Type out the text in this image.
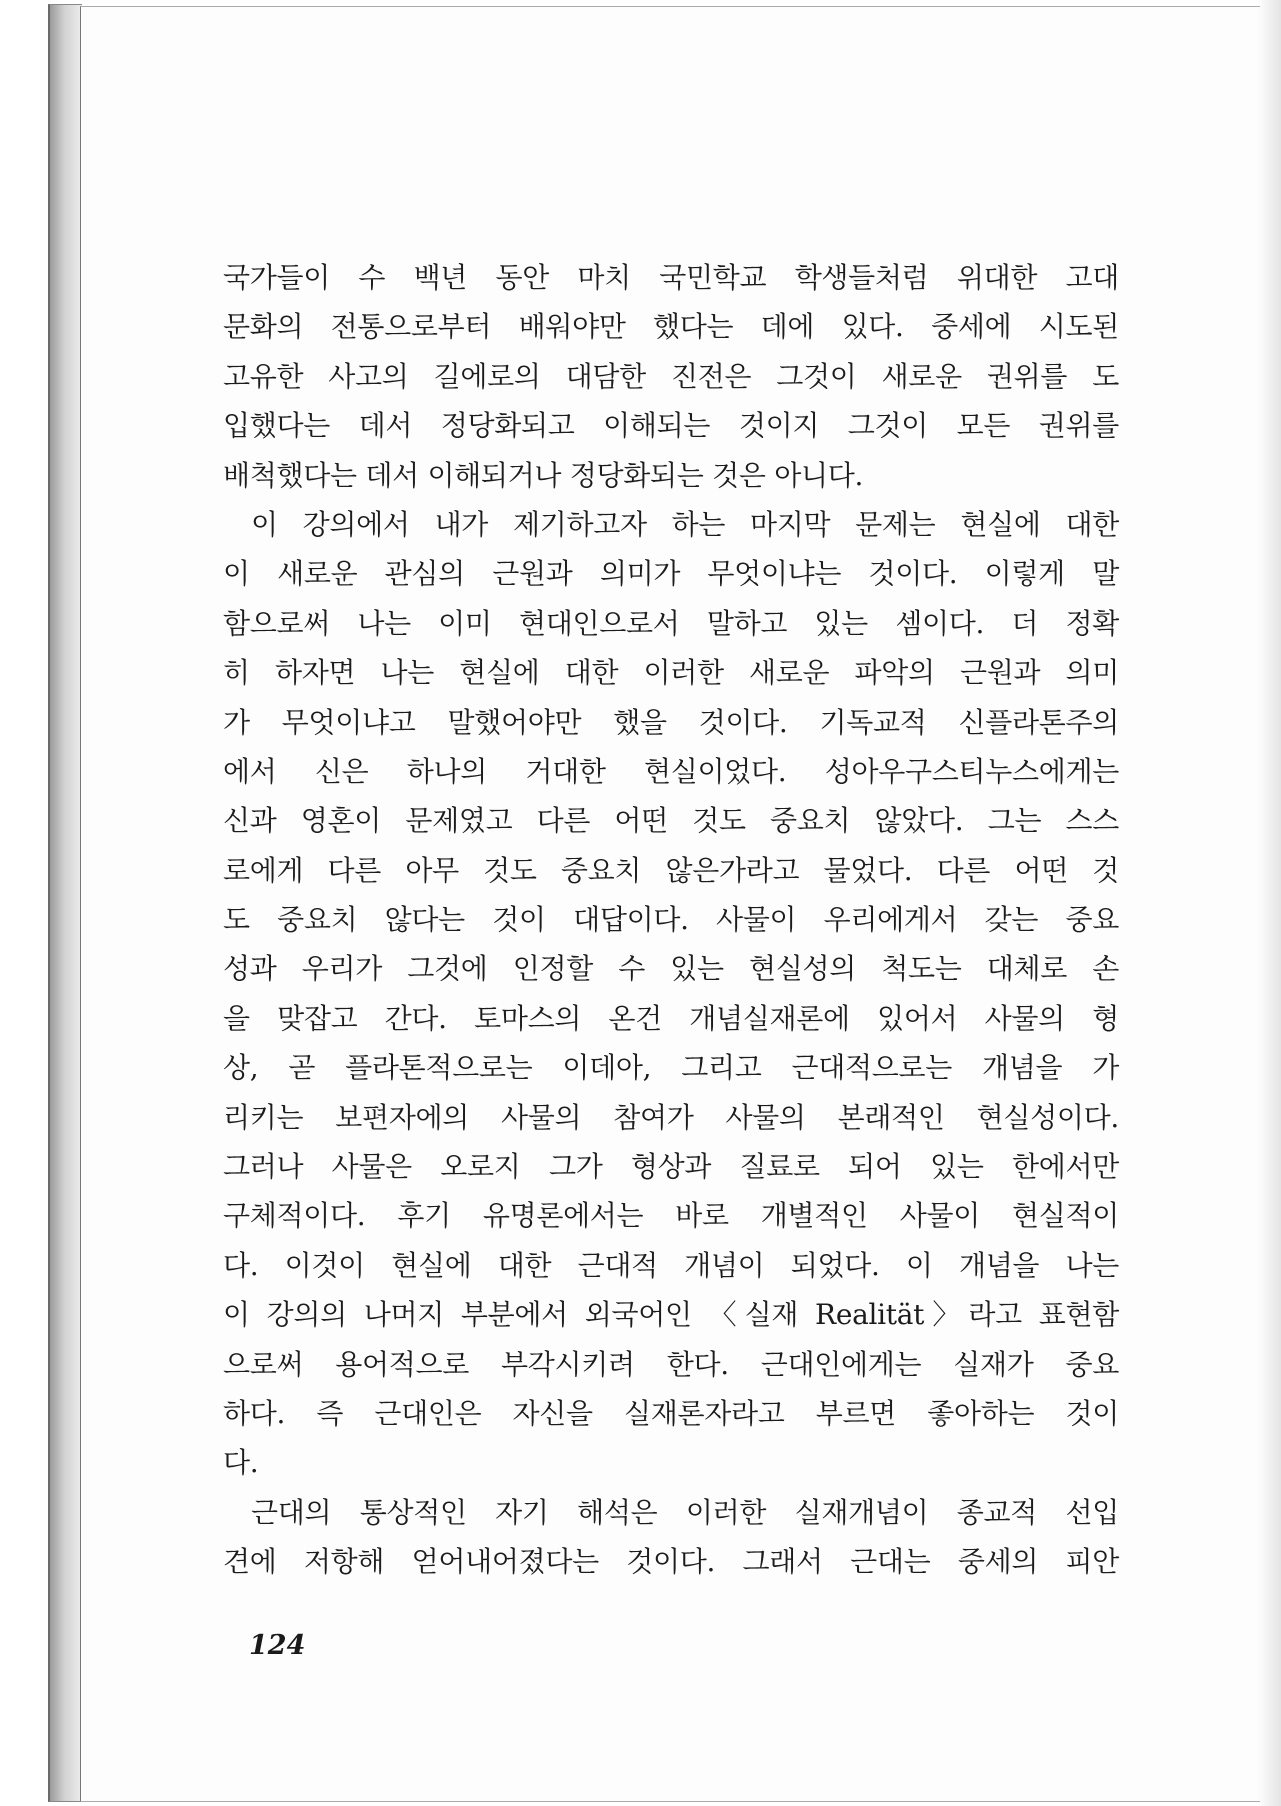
국가들이 수 백년 동안 마치 국민학교 학생들처럼 위대한 고대
문화의 전통으로부터 배워야만 했다는 데에 있다. 중세에 시도된
고유한 사고의 길에로의 대담한 진전은 그것이 새로운 권위를 도
입했다는 데서 정당화되고 이해되는 것이지 그것이 모든 권위를
배척했다는 데서 이해되거나 정당화되는 것은 아니다.
이 강의에서 내가 제기하고자 하는 마지막 문제는 현실에 대한
이 새로운 관심의 근원과 의미가 무엇이냐는 것이다. 이렇게 말
함으로써 나는 이미 현대인으로서 말하고 있는 셈이다. 더 정확
히 하자면 나는 현실에 대한 이러한 새로운 파악의 근원과 의미
가 무엇이냐고 말했어야만 했을 것이다. 기독교적 신플라톤주의
에서 신은 하나의 거대한 현실이었다. 성아우구스티누스에게는
신과 영혼이 문제였고 다른 어떤 것도 중요치 않았다. 그는 스스
로에게 다른 아무 것도 중요치 않은가라고 물었다. 다른 어떤 것
도 중요치 않다는 것이 대답이다. 사물이 우리에게서 갖는 중요
성과 우리가 그것에 인정할 수 있는 현실성의 척도는 대체로 손
을 맞잡고 간다. 토마스의 온건 개념실재론에 있어서 사물의 형
상, 곧 플라톤적으로는 이데아, 그리고 근대적으로는 개념을 가
리키는 보편자에의 사물의 참여가 사물의 본래적인 현실성이다.
그러나 사물은 오로지 그가 형상과 질료로 되어 있는 한에서만
구체적이다. 후기 유명론에서는 바로 개별적인 사물이 현실적이
다. 이것이 현실에 대한 근대적 개념이 되었다. 이 개념을 나는
이 강의의 나머지 부분에서 외국어인 〈실재 Realität〉라고 표현함
으로써 용어적으로 부각시키려 한다. 근대인에게는 실재가 중요
하다. 즉 근대인은 자신을 실재론자라고 부르면 좋아하는 것이
다.
근대의 통상적인 자기 해석은 이러한 실재개념이 종교적 선입
견에 저항해 얻어내어졌다는 것이다. 그래서 근대는 중세의 피안
124
